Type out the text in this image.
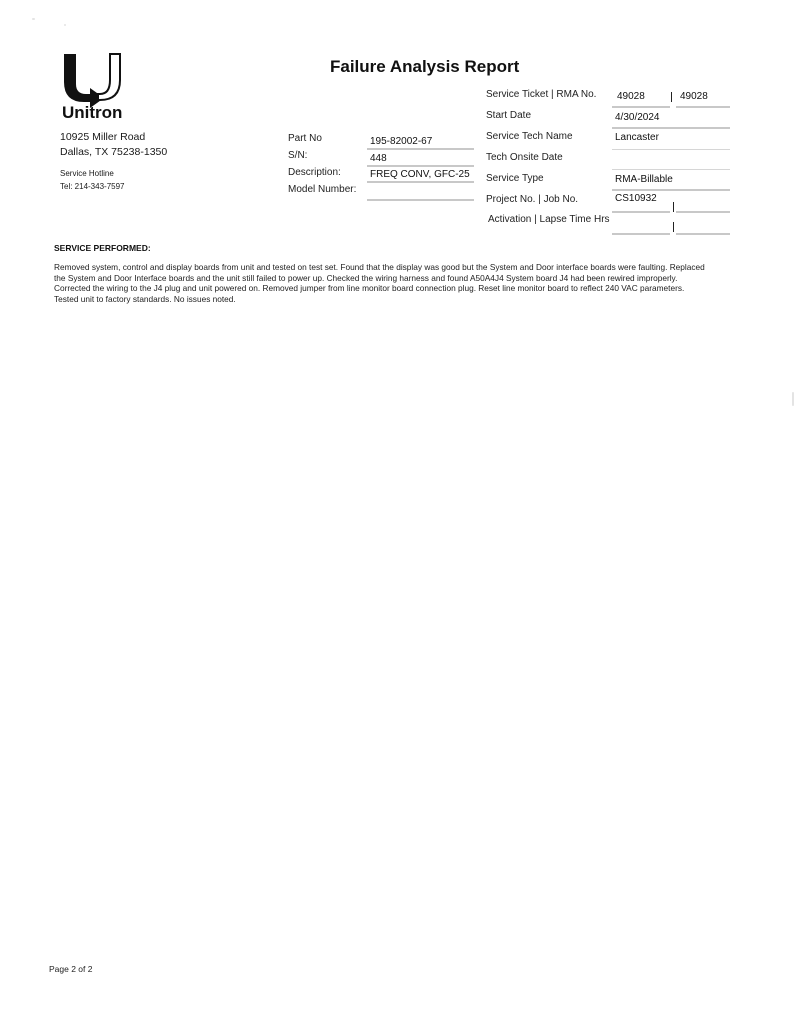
Unitron
10925 Miller Road
Dallas, TX 75238-1350
Service Hotline
Tel: 214-343-7597
Failure Analysis Report
Part No	195-82002-67
S/N:	448
Description:	FREQ CONV, GFC-25
Model Number:
Service Ticket | RMA No. 49028	49028
Start Date	4/30/2024
Service Tech Name	Lancaster
Tech Onsite Date
Service Type	RMA-Billable
Project No. | Job No.	CS10932
Activation | Lapse Time Hrs
SERVICE PERFORMED:
Removed system, control and display boards from unit and tested on test set. Found that the display was good but the System and Door interface boards were faulting. Replaced
the System and Door Interface boards and the unit still failed to power up. Checked the wiring harness and found A50A4J4 System board J4 had been rewired improperly.
Corrected the wiring to the J4 plug and unit powered on. Removed jumper from line monitor board connection plug. Reset line monitor board to reflect 240 VAC parameters.
Tested unit to factory standards. No issues noted.
Page 2 of 2
